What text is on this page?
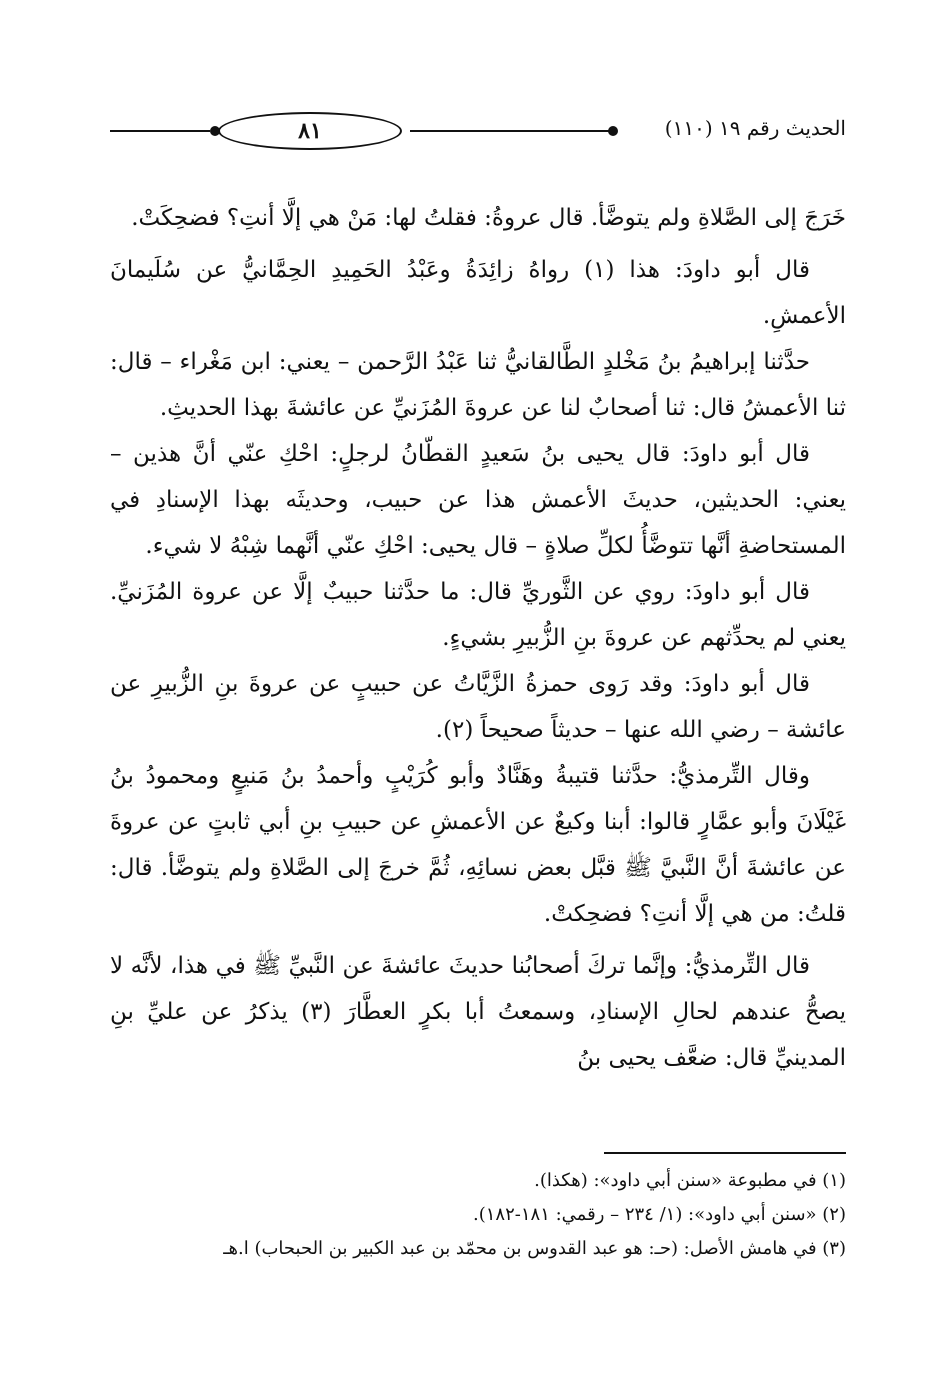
الحديث رقم ١٩ (١١٠)
٨١

خَرَجَ إلى الصَّلاةِ ولم يتوضَّأ. قال عروةُ: فقلتُ لها: مَنْ هي إلَّا أنتِ؟ فضحِكَتْ.

قال أبو داودَ: هذا (١) رواهُ زائِدَةُ وعَبْدُ الحَمِيدِ الحِمَّانيُّ عن سُلَيمانَ الأعمشِ.

حدَّثنا إبراهيمُ بنُ مَخْلدٍ الطَّالقانيُّ ثنا عَبْدُ الرَّحمن – يعني: ابن مَغْراء – قال: ثنا الأعمشُ قال: ثنا أصحابٌ لنا عن عروةَ المُزَنيِّ عن عائشةَ بهذا الحديثِ.

قال أبو داودَ: قال يحيى بنُ سَعيدٍ القطّانُ لرجلٍ: احْكِ عنّي أنَّ هذين – يعني: الحديثين، حديثَ الأعمش هذا عن حبيب، وحديثَه بهذا الإسنادِ في المستحاضةِ أنَّها تتوضَّأُ لكلِّ صلاةٍ – قال يحيى: احْكِ عنّي أنَّهما شِبْهُ لا شيء.

قال أبو داودَ: روي عن الثَّوريِّ قال: ما حدَّثنا حبيبٌ إلَّا عن عروة المُزَنيِّ. يعني لم يحدِّثهم عن عروةَ بنِ الزُّبيرِ بشيءٍ.

قال أبو داودَ: وقد رَوى حمزةُ الزَّيَّاتُ عن حبيبٍ عن عروةَ بنِ الزُّبيرِ عن عائشة – رضي الله عنها – حديثاً صحيحاً (٢).

وقال التِّرمذيُّ: حدَّثنا قتيبةُ وهَنَّادٌ وأبو كُرَيْبٍ وأحمدُ بنُ مَنيعٍ ومحمودُ بنُ غَيْلَانَ وأبو عمَّارٍ قالوا: أبنا وكيعٌ عن الأعمشِ عن حبيبِ بنِ أبي ثابتٍ عن عروةَ عن عائشةَ أنَّ النَّبيَّ ﷺ قبَّل بعض نسائِهِ، ثُمَّ خرجَ إلى الصَّلاةِ ولم يتوضَّأ. قال: قلتُ: من هي إلَّا أنتِ؟ فضحِكتْ.

قال التِّرمذيُّ: وإنَّما تركَ أصحابُنا حديثَ عائشةَ عن النَّبيِّ ﷺ في هذا، لأنَّه لا يصحُّ عندهم لحالِ الإسنادِ، وسمعتُ أبا بكرٍ العطَّارَ (٣) يذكرُ عن عليِّ بنِ المدينيِّ قال: ضعَّف يحيى بنُ

(١) في مطبوعة «سنن أبي داود»: (هكذا).
(٢) «سنن أبي داود»: (١/ ٢٣٤ – رقمي: ١٨١-١٨٢).
(٣) في هامش الأصل: (حـ: هو عبد القدوس بن محمّد بن عبد الكبير بن الحبحاب) ا.هـ
